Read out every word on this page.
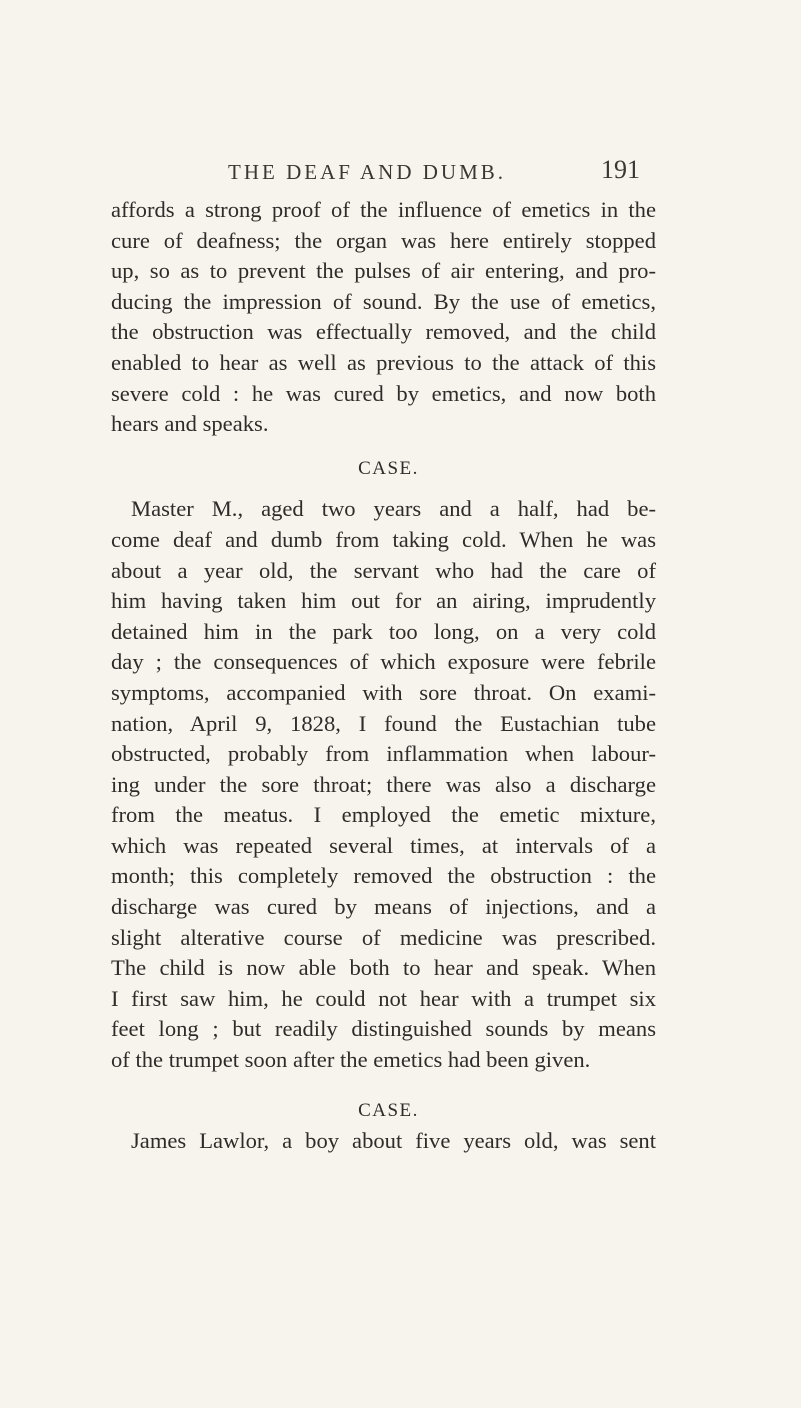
THE DEAF AND DUMB.	191
affords a strong proof of the influence of emetics in the
cure of deafness; the organ was here entirely stopped
up, so as to prevent the pulses of air entering, and pro-
ducing the impression of sound. By the use of emetics,
the obstruction was effectually removed, and the child
enabled to hear as well as previous to the attack of this
severe cold : he was cured by emetics, and now both
hears and speaks.
CASE.
Master M., aged two years and a half, had be-
come deaf and dumb from taking cold. When he was
about a year old, the servant who had the care of
him having taken him out for an airing, imprudently
detained him in the park too long, on a very cold
day ; the consequences of which exposure were febrile
symptoms, accompanied with sore throat. On exami-
nation, April 9, 1828, I found the Eustachian tube
obstructed, probably from inflammation when labour-
ing under the sore throat; there was also a discharge
from the meatus. I employed the emetic mixture,
which was repeated several times, at intervals of a
month; this completely removed the obstruction : the
discharge was cured by means of injections, and a
slight alterative course of medicine was prescribed.
The child is now able both to hear and speak. When
I first saw him, he could not hear with a trumpet six
feet long ; but readily distinguished sounds by means
of the trumpet soon after the emetics had been given.
CASE.
James Lawlor, a boy about five years old, was sent
